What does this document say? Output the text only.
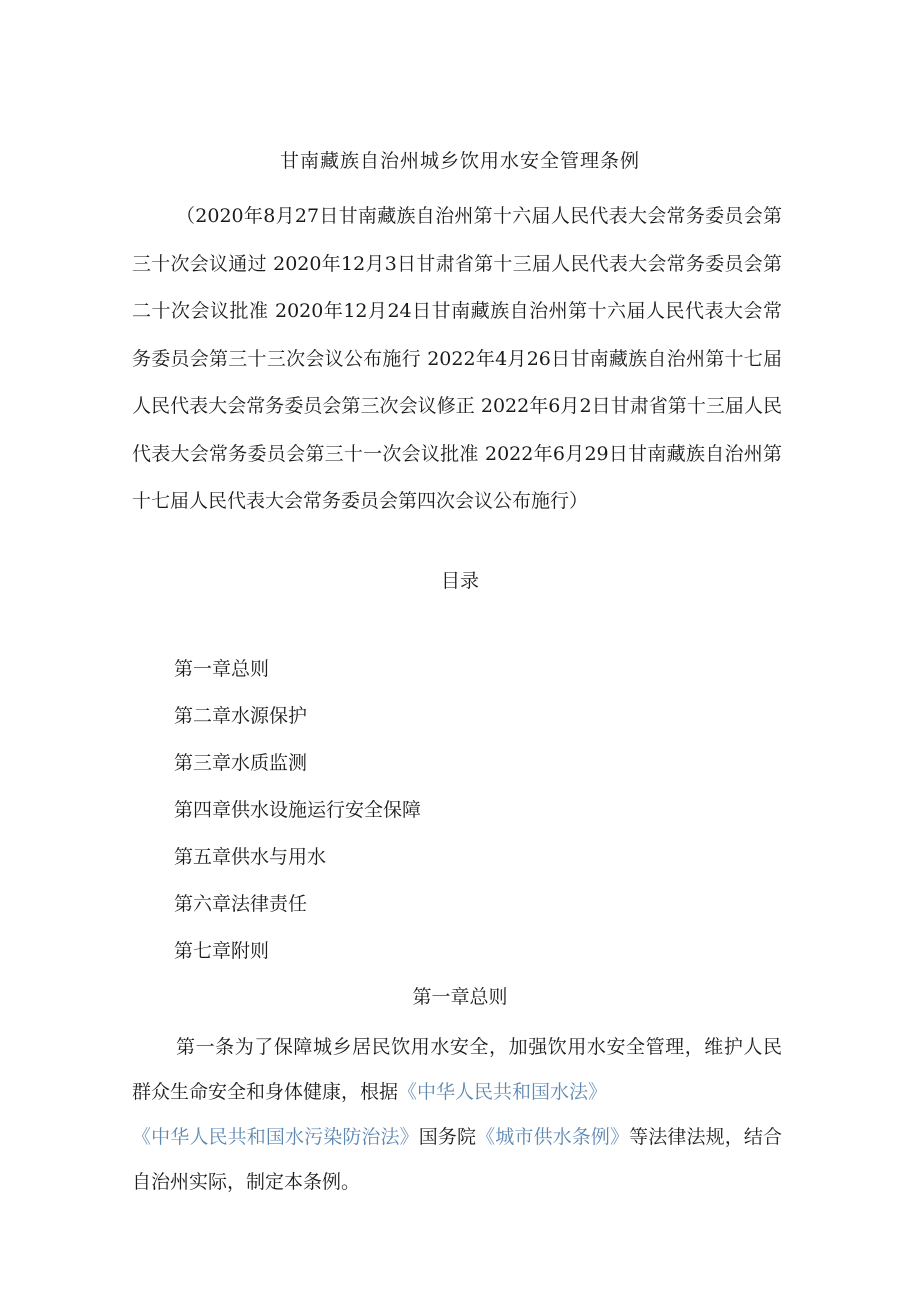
甘南藏族自治州城乡饮用水安全管理条例
（2020年8月27日甘南藏族自治州第十六届人民代表大会常务委员会第三十次会议通过 2020年12月3日甘肃省第十三届人民代表大会常务委员会第二十次会议批准 2020年12月24日甘南藏族自治州第十六届人民代表大会常务委员会第三十三次会议公布施行 2022年4月26日甘南藏族自治州第十七届人民代表大会常务委员会第三次会议修正 2022年6月2日甘肃省第十三届人民代表大会常务委员会第三十一次会议批准 2022年6月29日甘南藏族自治州第十七届人民代表大会常务委员会第四次会议公布施行）
目录
第一章总则
第二章水源保护
第三章水质监测
第四章供水设施运行安全保障
第五章供水与用水
第六章法律责任
第七章附则
第一章总则

第一条为了保障城乡居民饮用水安全，加强饮用水安全管理，维护人民群众生命安全和身体健康，根据《中华人民共和国水法》

《中华人民共和国水污染防治法》国务院《城市供水条例》等法律法规，结合自治州实际，制定本条例。
